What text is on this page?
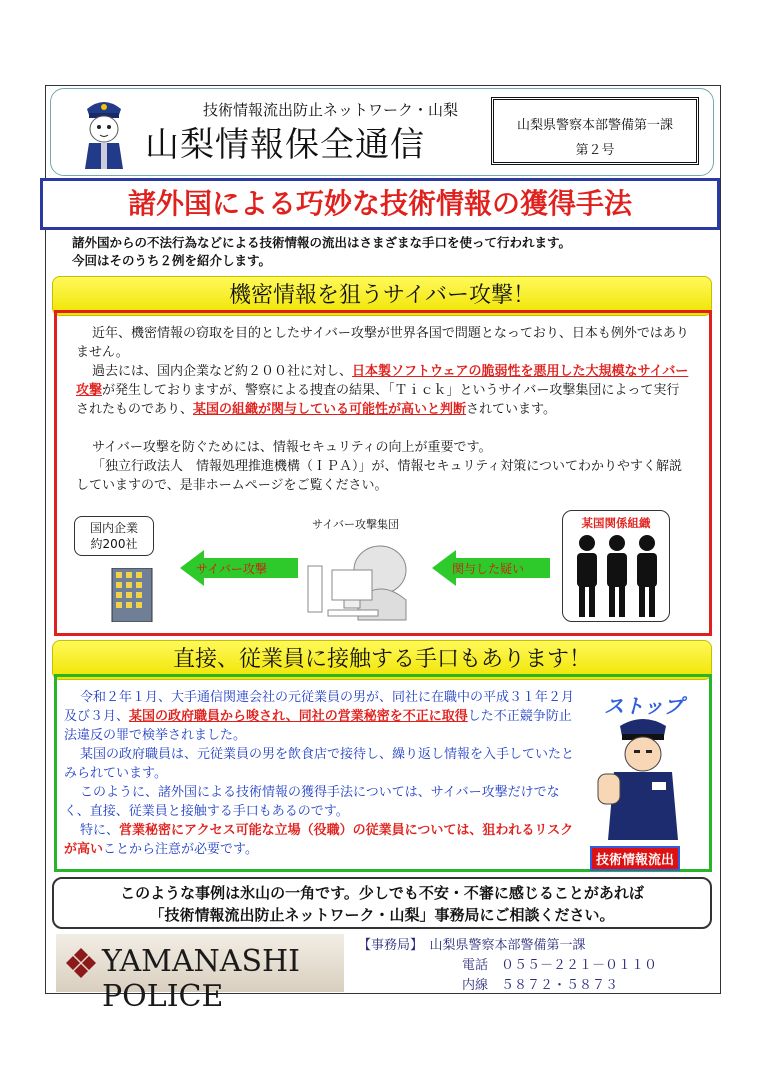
技術情報流出防止ネットワーク・山梨
山梨情報保全通信	山梨県警察本部警備第一課
第２号
諸外国による巧妙な技術情報の獲得手法
諸外国からの不法行為などによる技術情報の流出はさまざまな手口を使って行われます。
今回はそのうち２例を紹介します。
機密情報を狙うサイバー攻撃！
近年、機密情報の窃取を目的としたサイバー攻撃が世界各国で問題となっており、日本も例外ではありません。
過去には、国内企業など約２００社に対し、日本製ソフトウェアの脆弱性を悪用した大規模なサイバー攻撃が発生しておりますが、警察による捜査の結果、「Ｔｉｃｋ」というサイバー攻撃集団によって実行されたものであり、某国の組織が関与している可能性が高いと判断されています。
サイバー攻撃を防ぐためには、情報セキュリティの向上が重要です。
「独立行政法人　情報処理推進機構（ＩＰＡ）」が、情報セキュリティ対策についてわかりやすく解説していますので、是非ホームページをご覧ください。
国内企業
約200社
サイバー攻撃
サイバー攻撃集団
関与した疑い
某国関係組織
直接、従業員に接触する手口もあります！
令和２年１月、大手通信関連会社の元従業員の男が、同社に在職中の平成３１年２月及び３月、某国の政府職員から唆され、同社の営業秘密を不正に取得した不正競争防止法違反の罪で検挙されました。
某国の政府職員は、元従業員の男を飲食店で接待し、繰り返し情報を入手していたとみられています。
このように、諸外国による技術情報の獲得手法については、サイバー攻撃だけでなく、直接、従業員と接触する手口もあるのです。
特に、営業秘密にアクセス可能な立場（役職）の従業員については、狙われるリスクが高いことから注意が必要です。
ストップ
技術情報流出
このような事例は氷山の一角です。少しでも不安・不審に感じることがあれば
「技術情報流出防止ネットワーク・山梨」事務局にご相談ください。
YAMANASHI POLICE
【事務局】　 山梨県警察本部警備第一課
電話　 ０５５－２２１－０１１０
内線　 ５８７２・５８７３
